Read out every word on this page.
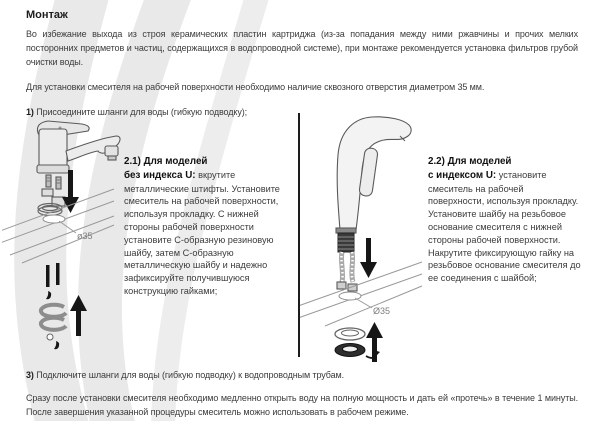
Монтаж

Во избежание выхода из строя керамических пластин картриджа (из-за попадания между ними ржавчины и прочих мелких посторонних предметов и частиц, содержащихся в водопроводной системе), при монтаже рекомендуется установка фильтров грубой очистки воды.

Для установки смесителя на рабочей поверхности необходимо наличие сквозного отверстия диаметром 35 мм.

1) Присоедините шланги для воды (гибкую подводку);

ø35
2.1) Для моделей
без индекса U: вкрутите металлические штифты. Установите смеситель на рабочей поверхности, используя прокладку. С нижней стороны рабочей поверхности установите С-образную резиновую шайбу, затем С-образную металлическую шайбу и надежно зафиксируйте получившуюся конструкцию гайками;
Ø35
2.2) Для моделей
с индексом U: установите смеситель на рабочей поверхности, используя прокладку. Установите шайбу на резьбовое основание смесителя с нижней стороны рабочей поверхности. Накрутите фиксирующую гайку на резьбовое основание смесителя до ее соединения с шайбой;

3) Подключите шланги для воды (гибкую подводку) к водопроводным трубам.

Сразу после установки смесителя необходимо медленно открыть воду на полную мощность и дать ей «протечь» в течение 1 минуты. После завершения указанной процедуры смеситель можно использовать в рабочем режиме.
